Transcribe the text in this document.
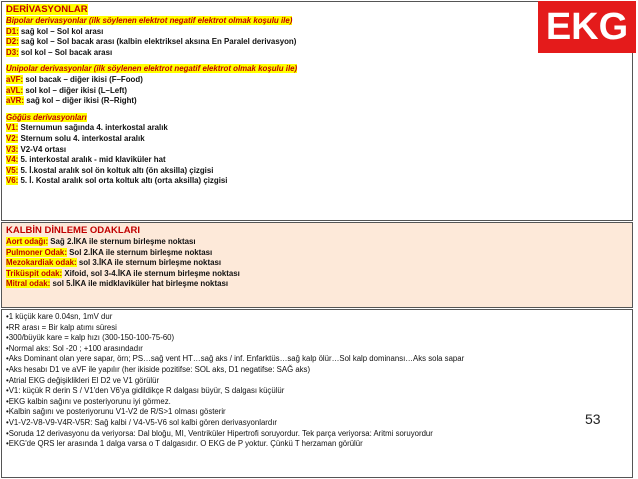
DERİVASYONLAR
Bipolar derivasyonlar (ilk söylenen elektrot negatif elektrot olmak koşulu ile)
D1: sağ kol – Sol kol arası
D2: sağ kol – Sol bacak arası (kalbin elektriksel aksına En Paralel derivasyon)
D3: sol kol – Sol bacak arası
Unipolar derivasyonlar (ilk söylenen elektrot negatif elektrot olmak koşulu ile)
aVF: sol bacak – diğer ikisi (F–Food)
aVL: sol kol – diğer ikisi (L–Left)
aVR: sağ kol – diğer ikisi (R–Right)
Göğüs derivasyonları
V1: Sternumun sağında 4. interkostal aralık
V2: Sternum solu 4. interkostal aralık
V3: V2-V4 ortası
V4: 5. interkostal aralık - mid klaviküler hat
V5: 5. İ.kostal aralık sol ön koltuk altı (ön aksilla) çizgisi
V6: 5. İ. Kostal aralık sol orta koltuk altı (orta aksilla) çizgisi
KALBİN DİNLEME ODAKLARI
Aort odağı: Sağ 2.İKA ile sternum birleşme noktası
Pulmoner Odak: Sol 2.İKA ile sternum birleşme noktası
Mezokardiak odak: sol 3.İKA ile sternum birleşme noktası
Triküspit odak: Xifoid, sol 3-4.İKA ile sternum birleşme noktası
Mitral odak: sol 5.İKA ile midklaviküler hat birleşme noktası
•1 küçük kare 0.04sn, 1mV dur
•RR arası = Bir kalp atımı süresi
•300/büyük kare = kalp hızı (300-150-100-75-60)
•Normal aks: Sol -20 ; +100 arasındadır
•Aks Dominant olan yere sapar, örn; PS…sağ vent HT…sağ aks / inf. Enfarktüs…sağ kalp ölür…Sol kalp dominansı…Aks sola sapar
•Aks hesabı D1 ve aVF ile yapılır (her ikiside pozitifse: SOL aks, D1 negatifse: SAĞ aks)
•Atrial EKG değişiklikleri El D2 ve V1 görülür
•V1: küçük R derin S / V1'den V6'ya gidildikçe R dalgası büyür, S dalgası küçülür
•EKG kalbin sağını ve posteriyorunu iyi görmez.
•Kalbin sağını ve posteriyorunu V1-V2 de R/S>1 olması gösterir
•V1-V2-V8-V9-V4R-V5R: Sağ kalbi / V4-V5-V6 sol kalbi gören derivasyonlardır
•Soruda 12 derivasyonu da veriyorsa: Dal bloğu, MI, Ventriküler Hipertrofi soruyordur. Tek parça veriyorsa: Aritmi soruyordur
•EKG'de QRS ler arasında 1 dalga varsa o T dalgasıdır. O EKG de P yoktur. Çünkü T herzaman görülür
EKG
53
